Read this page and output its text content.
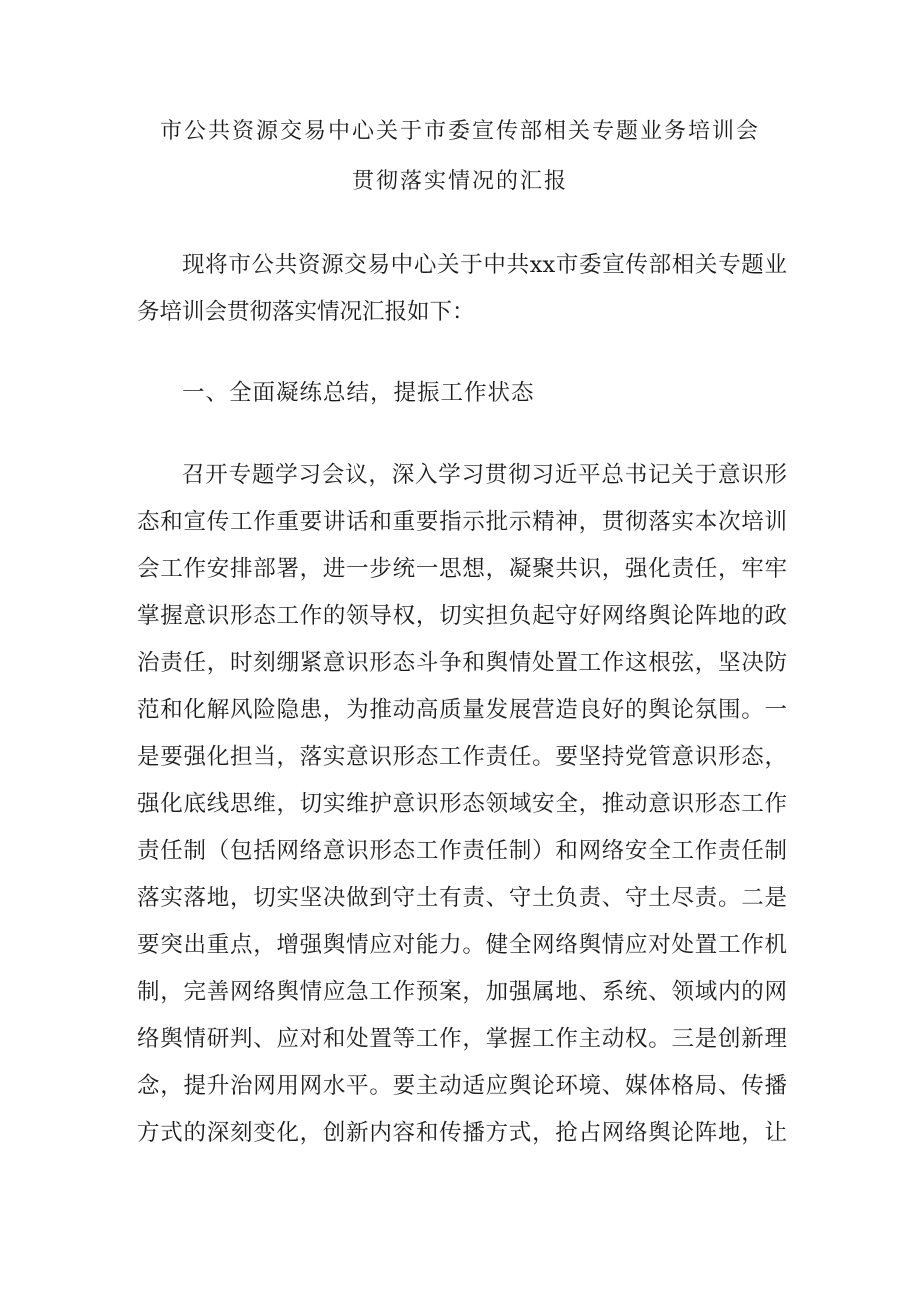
市公共资源交易中心关于市委宣传部相关专题业务培训会
贯彻落实情况的汇报
现将市公共资源交易中心关于中共xx市委宣传部相关专题业
务培训会贯彻落实情况汇报如下：
一、全面凝练总结，提振工作状态
召开专题学习会议，深入学习贯彻习近平总书记关于意识形
态和宣传工作重要讲话和重要指示批示精神，贯彻落实本次培训
会工作安排部署，进一步统一思想，凝聚共识，强化责任，牢牢
掌握意识形态工作的领导权，切实担负起守好网络舆论阵地的政
治责任，时刻绷紧意识形态斗争和舆情处置工作这根弦，坚决防
范和化解风险隐患，为推动高质量发展营造良好的舆论氛围。一
是要强化担当，落实意识形态工作责任。要坚持党管意识形态，
强化底线思维，切实维护意识形态领域安全，推动意识形态工作
责任制（包括网络意识形态工作责任制）和网络安全工作责任制
落实落地，切实坚决做到守土有责、守土负责、守土尽责。二是
要突出重点，增强舆情应对能力。健全网络舆情应对处置工作机
制，完善网络舆情应急工作预案，加强属地、系统、领域内的网
络舆情研判、应对和处置等工作，掌握工作主动权。三是创新理
念，提升治网用网水平。要主动适应舆论环境、媒体格局、传播
方式的深刻变化，创新内容和传播方式，抢占网络舆论阵地，让
